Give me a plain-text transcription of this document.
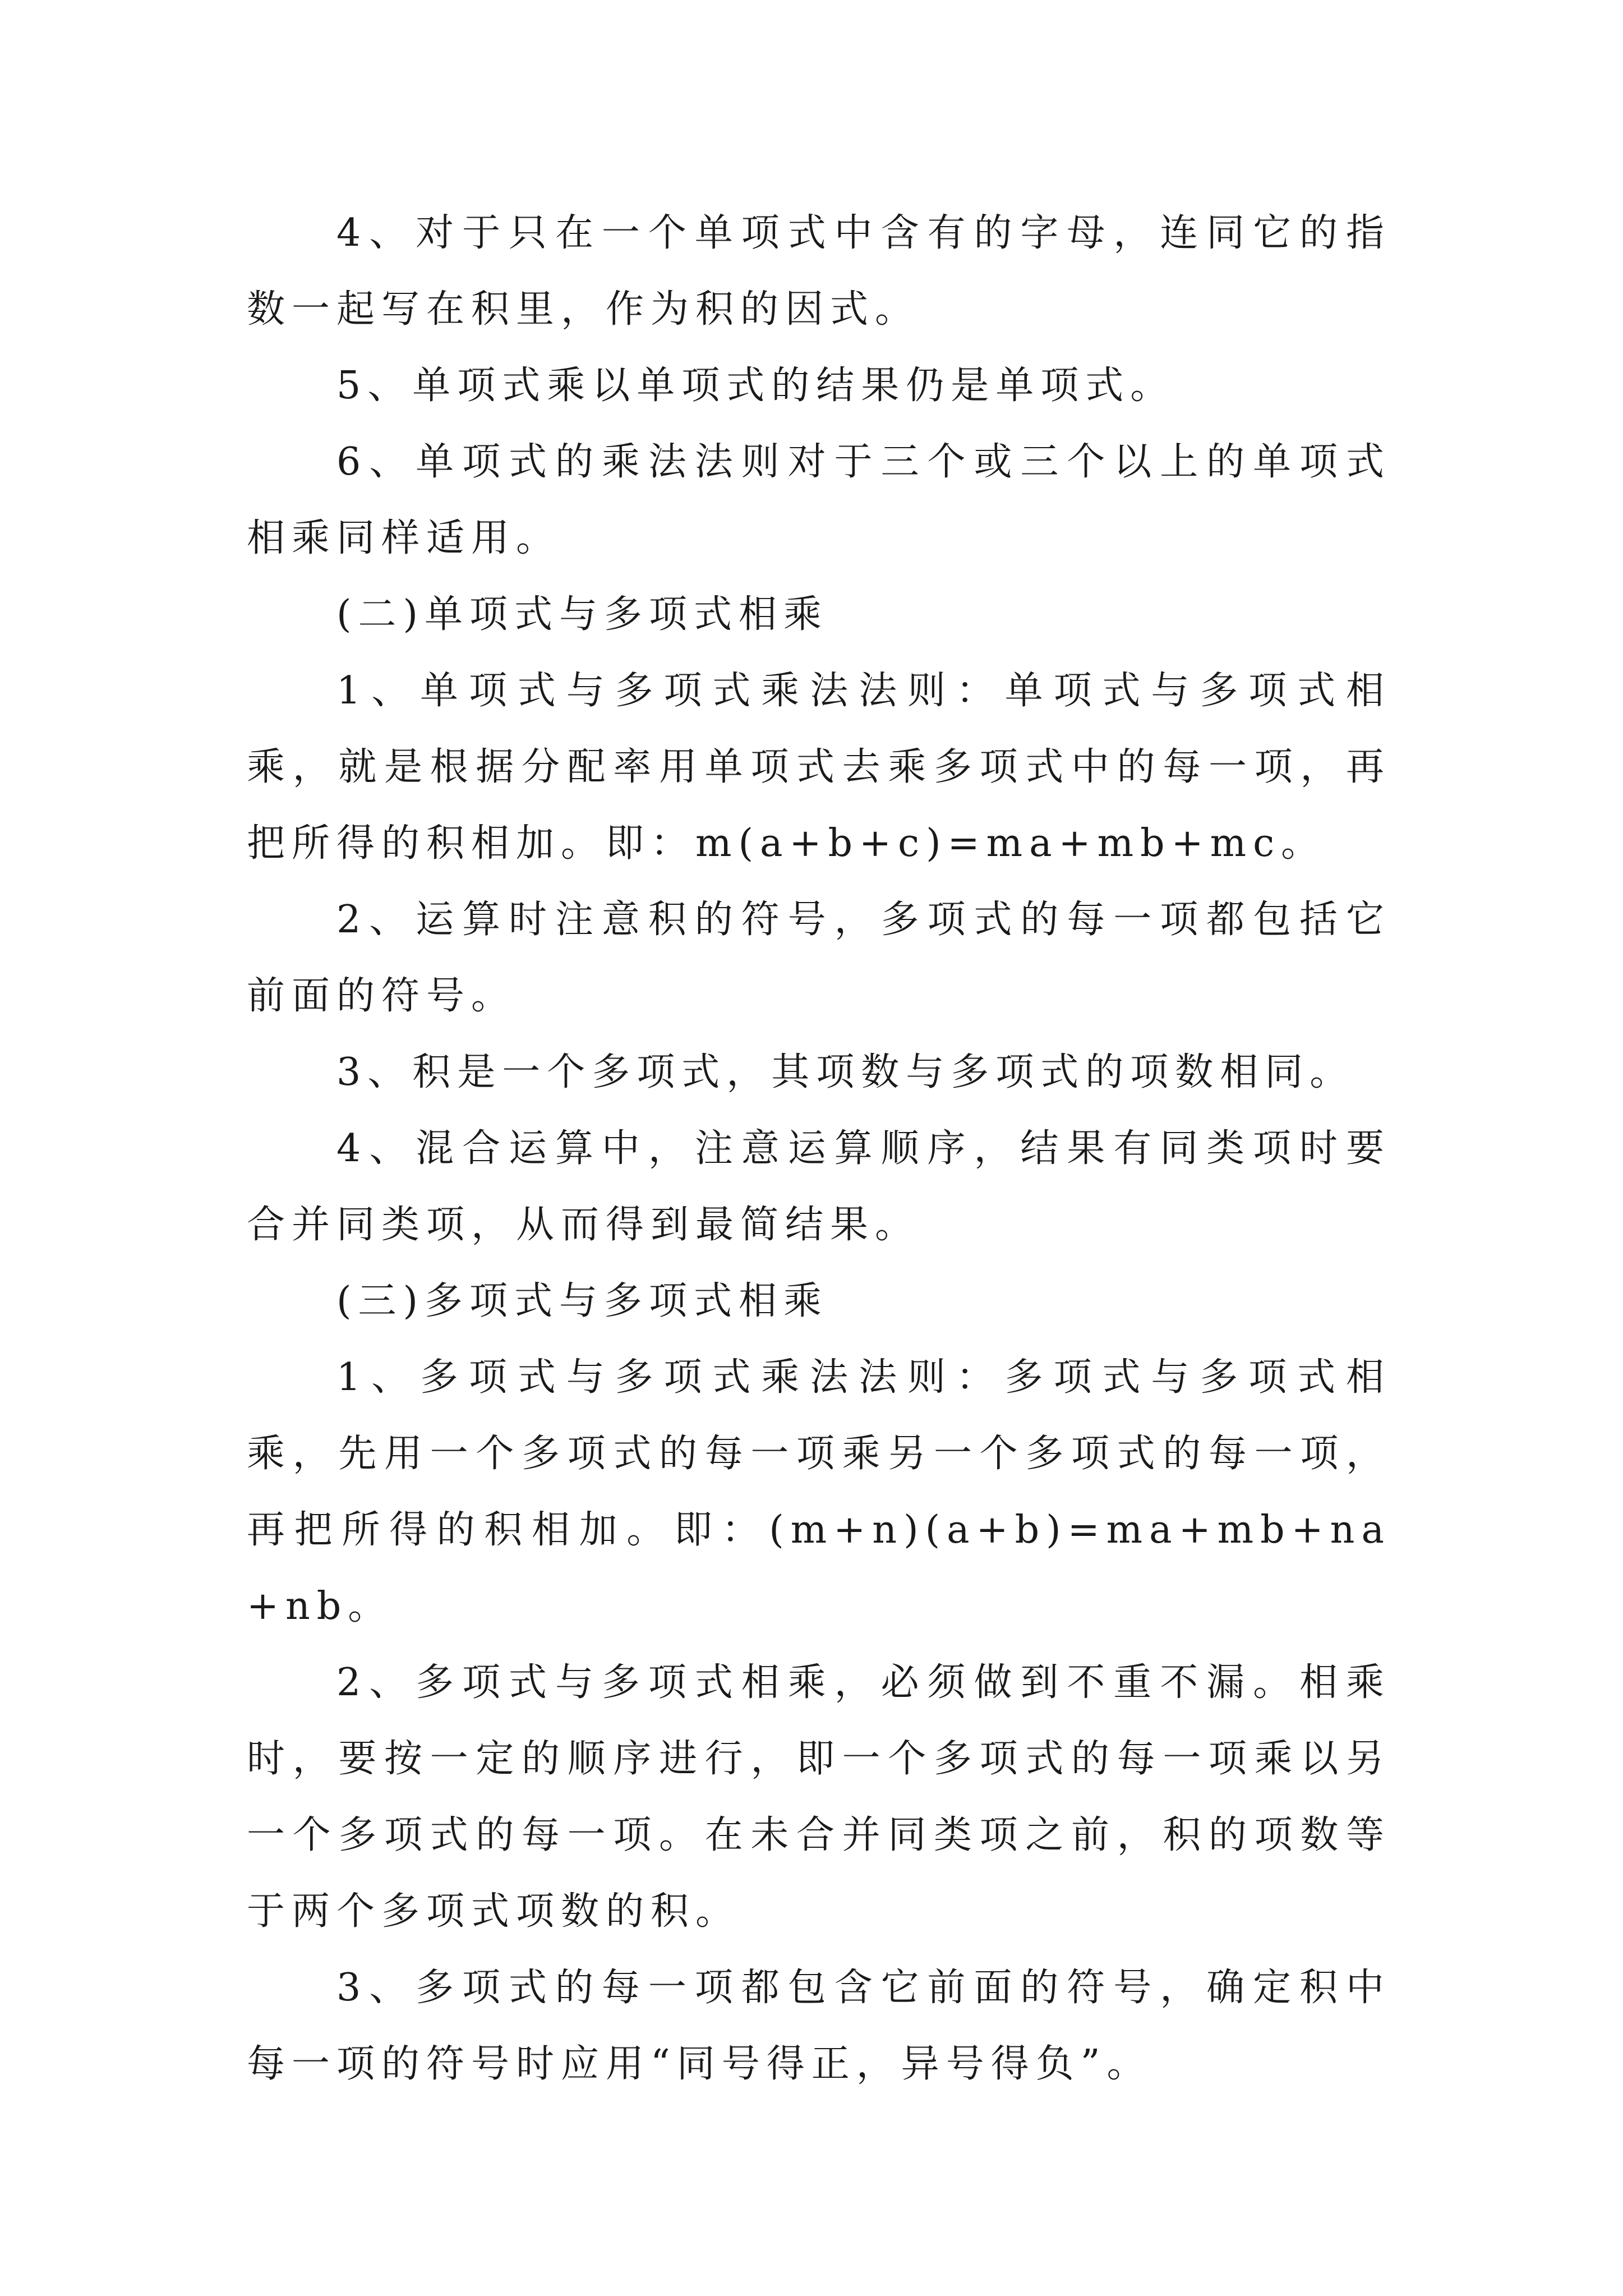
4、对于只在一个单项式中含有的字母，连同它的指数一起写在积里，作为积的因式。

5、单项式乘以单项式的结果仍是单项式。

6、单项式的乘法法则对于三个或三个以上的单项式相乘同样适用。

(二)单项式与多项式相乘

1、单项式与多项式乘法法则：单项式与多项式相乘，就是根据分配率用单项式去乘多项式中的每一项，再把所得的积相加。即：m(a+b+c)=ma+mb+mc。

2、运算时注意积的符号，多项式的每一项都包括它前面的符号。

3、积是一个多项式，其项数与多项式的项数相同。

4、混合运算中，注意运算顺序，结果有同类项时要合并同类项，从而得到最简结果。

(三)多项式与多项式相乘

1、多项式与多项式乘法法则：多项式与多项式相乘，先用一个多项式的每一项乘另一个多项式的每一项，再把所得的积相加。即：(m+n)(a+b)=ma+mb+na+nb。

2、多项式与多项式相乘，必须做到不重不漏。相乘时，要按一定的顺序进行，即一个多项式的每一项乘以另一个多项式的每一项。在未合并同类项之前，积的项数等于两个多项式项数的积。

3、多项式的每一项都包含它前面的符号，确定积中每一项的符号时应用“同号得正，异号得负”。
